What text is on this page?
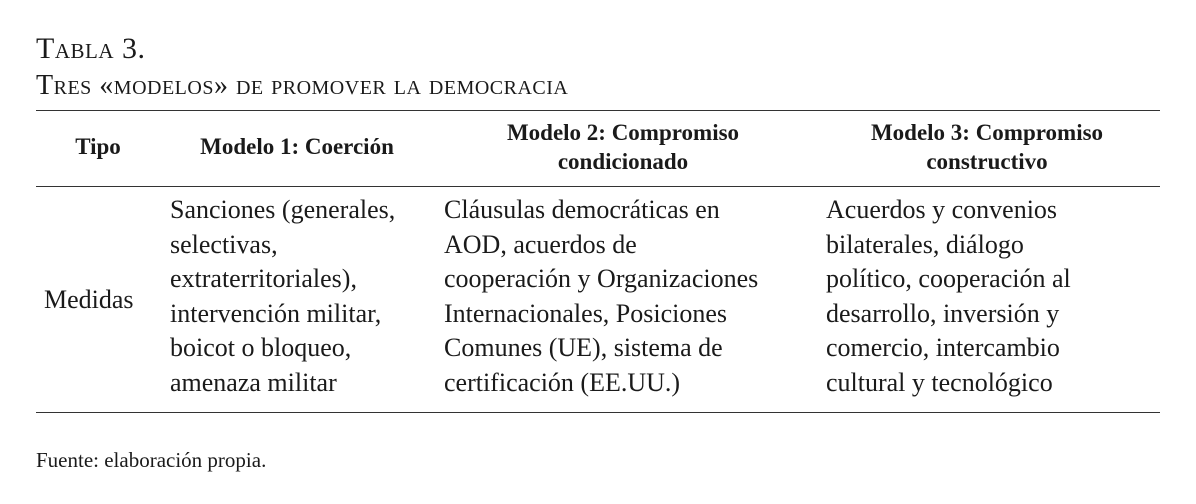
Tabla 3.
Tres «modelos» de promover la democracia
Tipo	Modelo 1: Coerción
Modelo 2: Compromiso
condicionado
Modelo 3: Compromiso
constructivo
Medidas
Sanciones (generales,
selectivas,
extraterritoriales),
intervención militar,
boicot o bloqueo,
amenaza militar
Cláusulas democráticas en
AOD, acuerdos de
cooperación y Organizaciones
Internacionales, Posiciones
Comunes (UE), sistema de
certificación (EE.UU.)
Acuerdos y convenios
bilaterales, diálogo
político, cooperación al
desarrollo, inversión y
comercio, intercambio
cultural y tecnológico
Fuente: elaboración propia.
